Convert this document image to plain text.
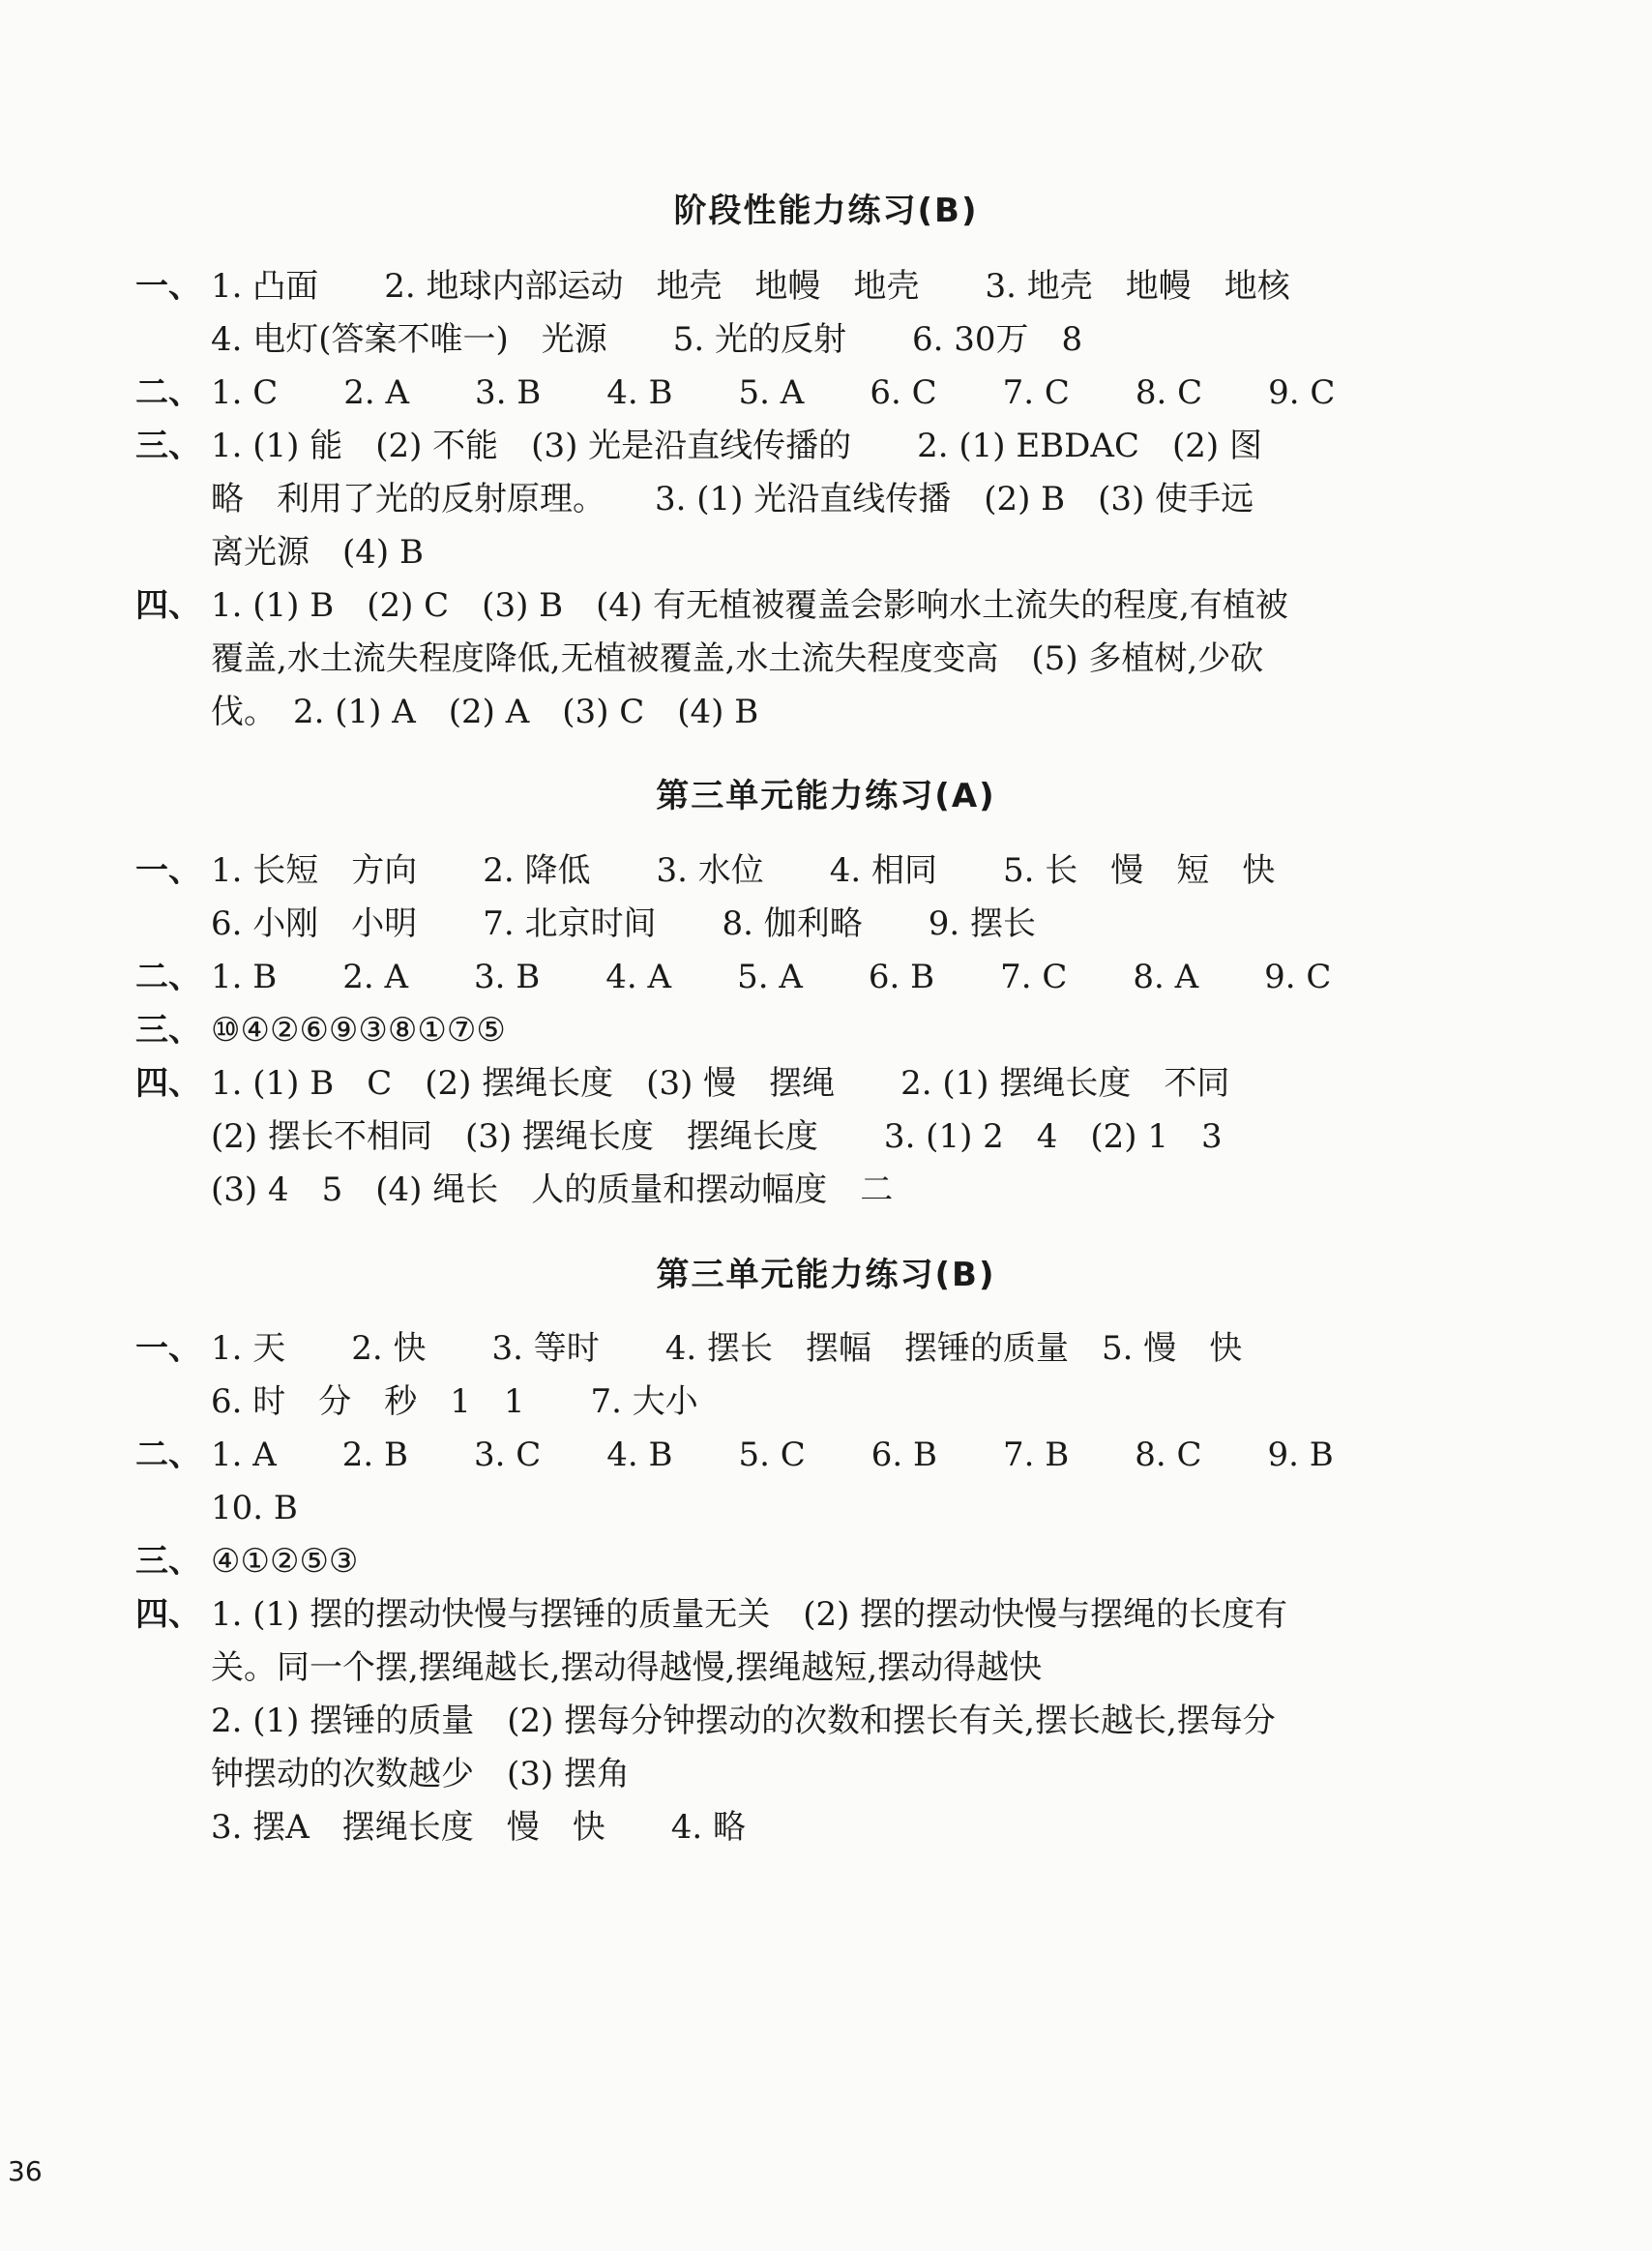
阶段性能力练习(B)
一、 1. 凸面　　2. 地球内部运动　地壳　地幔　地壳　　3. 地壳　地幔　地核
4. 电灯(答案不唯一)　光源　　5. 光的反射　　6. 30万　8
二、 1. C　　2. A　　3. B　　4. B　　5. A　　6. C　　7. C　　8. C　　9. C
三、 1. (1) 能　(2) 不能　(3) 光是沿直线传播的　　2. (1) EBDAC　(2) 图
略　利用了光的反射原理。　　3. (1) 光沿直线传播　(2) B　(3) 使手远
离光源　(4) B
四、 1. (1) B　(2) C　(3) B　(4) 有无植被覆盖会影响水土流失的程度,有植被
覆盖,水土流失程度降低,无植被覆盖,水土流失程度变高　(5) 多植树,少砍
伐。　2. (1) A　(2) A　(3) C　(4) B
第三单元能力练习(A)
一、 1. 长短　方向　　2. 降低　　3. 水位　　4. 相同　　5. 长　慢　短　快
6. 小刚　小明　　7. 北京时间　　8. 伽利略　　9. 摆长
二、 1. B　　2. A　　3. B　　4. A　　5. A　　6. B　　7. C　　8. A　　9. C
三、 ⑩④②⑥⑨③⑧①⑦⑤
四、 1. (1) B　C　(2) 摆绳长度　(3) 慢　摆绳　　2. (1) 摆绳长度　不同
(2) 摆长不相同　(3) 摆绳长度　摆绳长度　　3. (1) 2　4　(2) 1　3
(3) 4　5　(4) 绳长　人的质量和摆动幅度　二
第三单元能力练习(B)
一、 1. 天　　2. 快　　3. 等时　　4. 摆长　摆幅　摆锤的质量　5. 慢　快
6. 时　分　秒　1　1　　7. 大小
二、 1. A　　2. B　　3. C　　4. B　　5. C　　6. B　　7. B　　8. C　　9. B
10. B
三、 ④①②⑤③
四、 1. (1) 摆的摆动快慢与摆锤的质量无关　(2) 摆的摆动快慢与摆绳的长度有
关。同一个摆,摆绳越长,摆动得越慢,摆绳越短,摆动得越快
2. (1) 摆锤的质量　(2) 摆每分钟摆动的次数和摆长有关,摆长越长,摆每分
钟摆动的次数越少　(3) 摆角
3. 摆A　摆绳长度　慢　快　　4. 略
36
